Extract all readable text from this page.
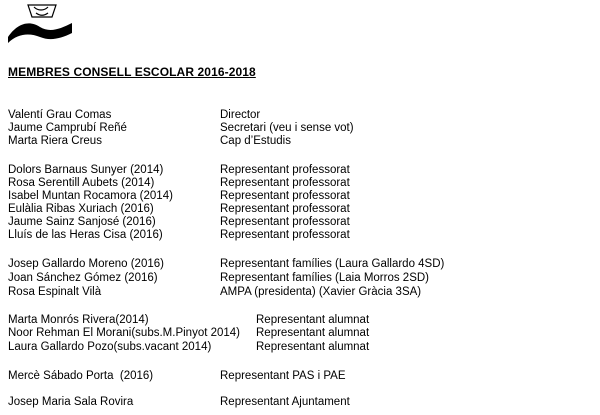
MEMBRES CONSELL ESCOLAR 2016-2018
Valentí Grau Comas	Director
Jaume Camprubí Reñé	Secretari (veu i sense vot)
Marta Riera Creus	Cap d’Estudis
Dolors Barnaus Sunyer (2014)	Representant professorat
Rosa Serentill Aubets (2014)	Representant professorat
Isabel Muntan Rocamora (2014)	Representant professorat
Eulàlia Ribas Xuriach (2016)	Representant professorat
Jaume Sainz Sanjosé (2016)	Representant professorat
Lluís de las Heras Cisa (2016)	Representant professorat
Josep Gallardo Moreno (2016)	Representant famílies (Laura Gallardo 4SD)
Joan Sánchez Gómez (2016)	Representant famílies (Laia Morros 2SD)
Rosa Espinalt Vilà	AMPA (presidenta) (Xavier Gràcia 3SA)
Marta Monrós Rivera(2014)	Representant alumnat
Noor Rehman El Morani(subs.M.Pinyot 2014) Representant alumnat
Laura Gallardo Pozo(subs.vacant 2014)	Representant alumnat
Mercè Sábado Porta  (2016)	Representant PAS i PAE
Josep Maria Sala Rovira	Representant Ajuntament
